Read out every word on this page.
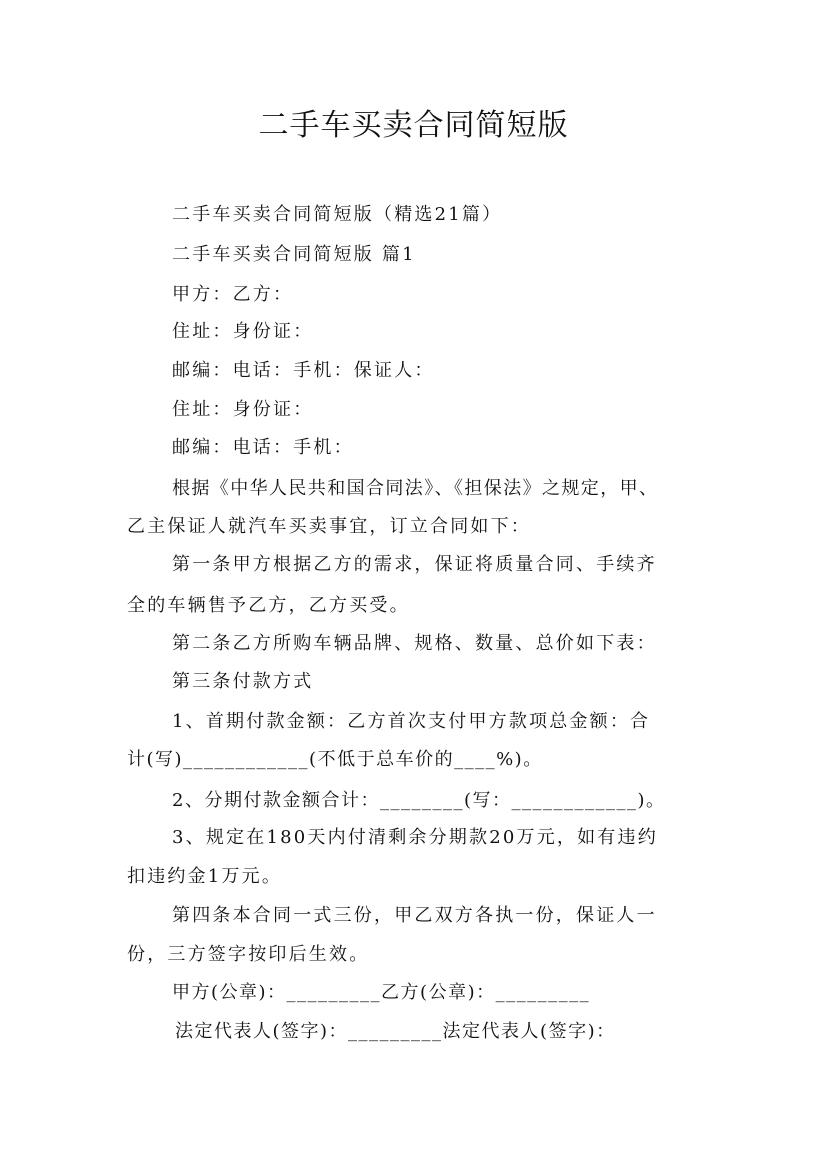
二手车买卖合同简短版

二手车买卖合同简短版（精选21篇）

二手车买卖合同简短版 篇1

甲方：乙方：

住址：身份证：

邮编：电话：手机：保证人：

住址：身份证：

邮编：电话：手机：

根据《中华人民共和国合同法》、《担保法》之规定，甲、

乙主保证人就汽车买卖事宜，订立合同如下：

第一条甲方根据乙方的需求，保证将质量合同、手续齐

全的车辆售予乙方，乙方买受。

第二条乙方所购车辆品牌、规格、数量、总价如下表：

第三条付款方式

1、首期付款金额：乙方首次支付甲方款项总金额：合

计(写)____________(不低于总车价的____%)。

2、分期付款金额合计：________(写：____________)。

3、规定在180天内付清剩余分期款20万元，如有违约

扣违约金1万元。

第四条本合同一式三份，甲乙双方各执一份，保证人一

份，三方签字按印后生效。

甲方(公章)：_________乙方(公章)：_________

法定代表人(签字)：_________法定代表人(签字)：
